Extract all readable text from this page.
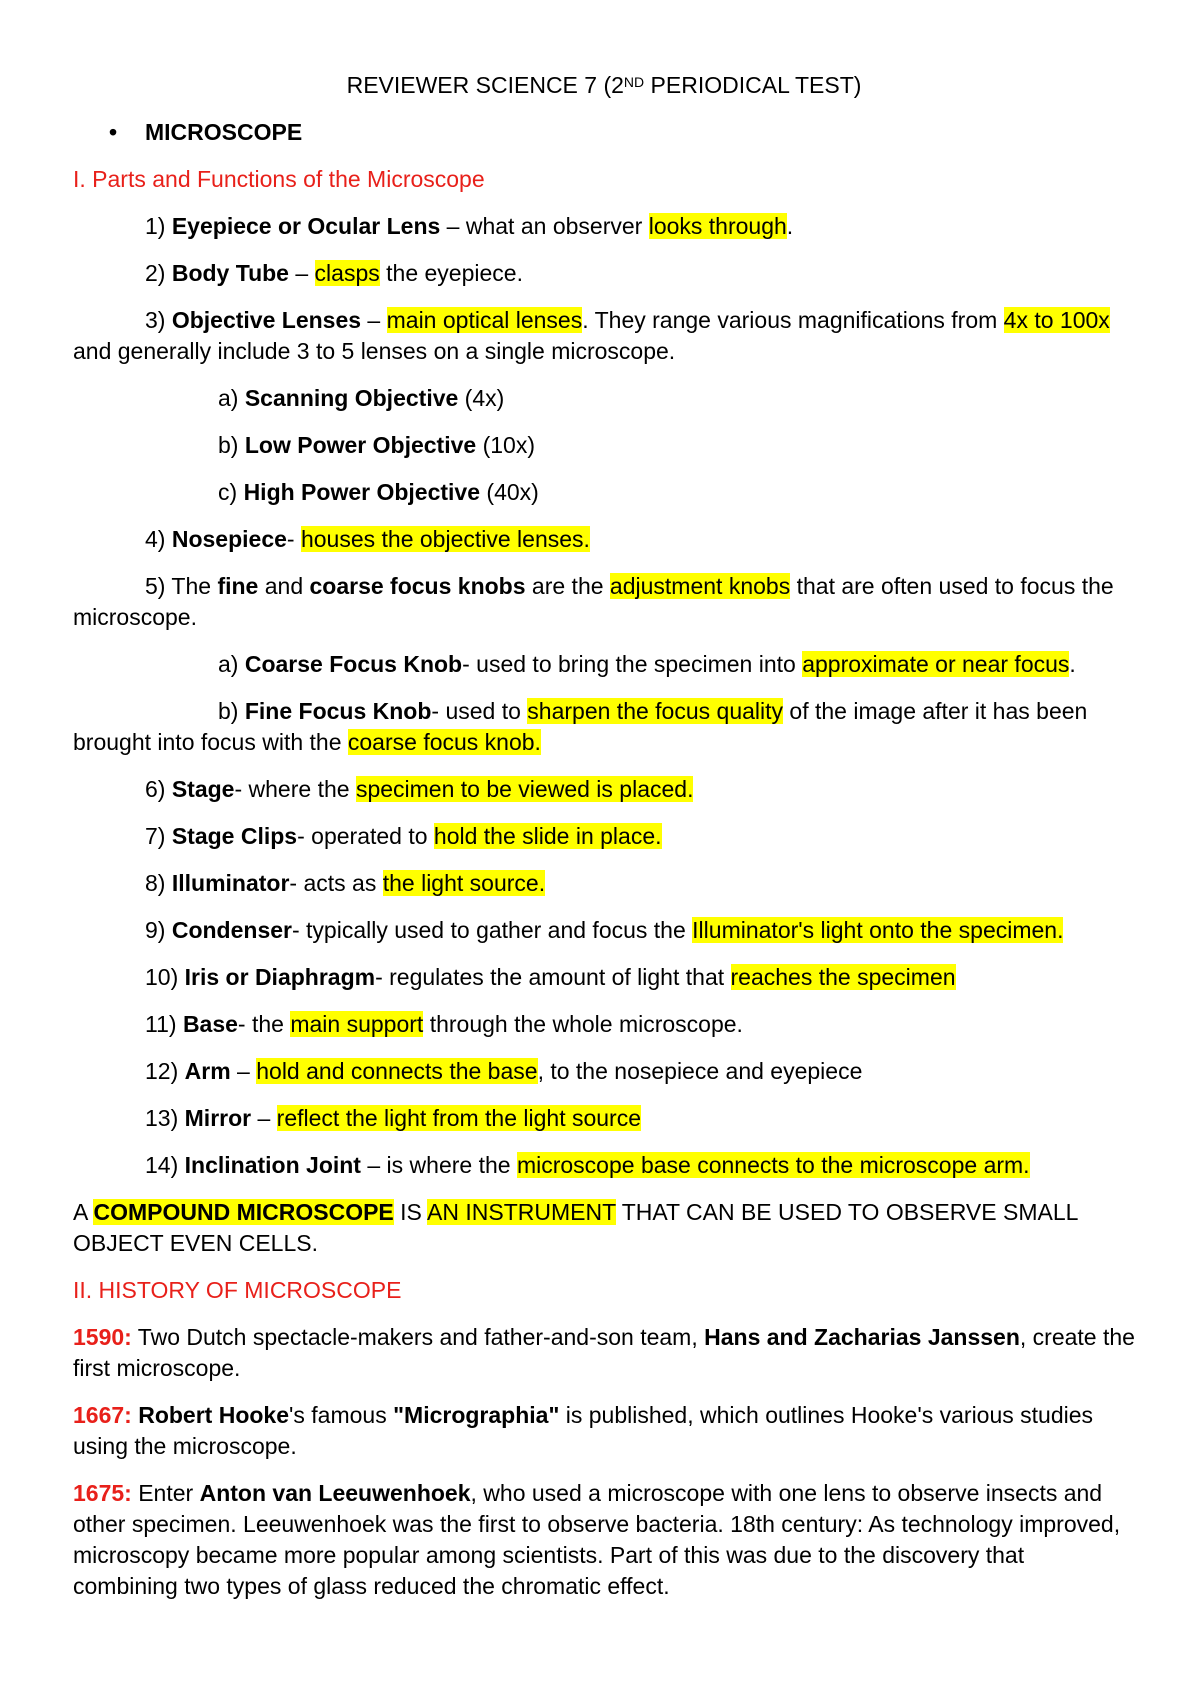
REVIEWER SCIENCE 7 (2ND PERIODICAL TEST)

• MICROSCOPE

I. Parts and Functions of the Microscope

1) Eyepiece or Ocular Lens – what an observer looks through.

2) Body Tube – clasps the eyepiece.

3) Objective Lenses – main optical lenses. They range various magnifications from 4x to 100x and generally include 3 to 5 lenses on a single microscope.

a) Scanning Objective (4x)

b) Low Power Objective (10x)

c) High Power Objective (40x)

4) Nosepiece- houses the objective lenses.

5) The fine and coarse focus knobs are the adjustment knobs that are often used to focus the microscope.

a) Coarse Focus Knob- used to bring the specimen into approximate or near focus.

b) Fine Focus Knob- used to sharpen the focus quality of the image after it has been brought into focus with the coarse focus knob.

6) Stage- where the specimen to be viewed is placed.

7) Stage Clips- operated to hold the slide in place.

8) Illuminator- acts as the light source.

9) Condenser- typically used to gather and focus the Illuminator's light onto the specimen.

10) Iris or Diaphragm- regulates the amount of light that reaches the specimen

11) Base- the main support through the whole microscope.

12) Arm – hold and connects the base, to the nosepiece and eyepiece

13) Mirror – reflect the light from the light source

14) Inclination Joint – is where the microscope base connects to the microscope arm.

A COMPOUND MICROSCOPE IS AN INSTRUMENT THAT CAN BE USED TO OBSERVE SMALL OBJECT EVEN CELLS.

II. HISTORY OF MICROSCOPE

1590: Two Dutch spectacle-makers and father-and-son team, Hans and Zacharias Janssen, create the first microscope.

1667: Robert Hooke's famous "Micrographia" is published, which outlines Hooke's various studies using the microscope.

1675: Enter Anton van Leeuwenhoek, who used a microscope with one lens to observe insects and other specimen. Leeuwenhoek was the first to observe bacteria. 18th century: As technology improved, microscopy became more popular among scientists. Part of this was due to the discovery that combining two types of glass reduced the chromatic effect.
